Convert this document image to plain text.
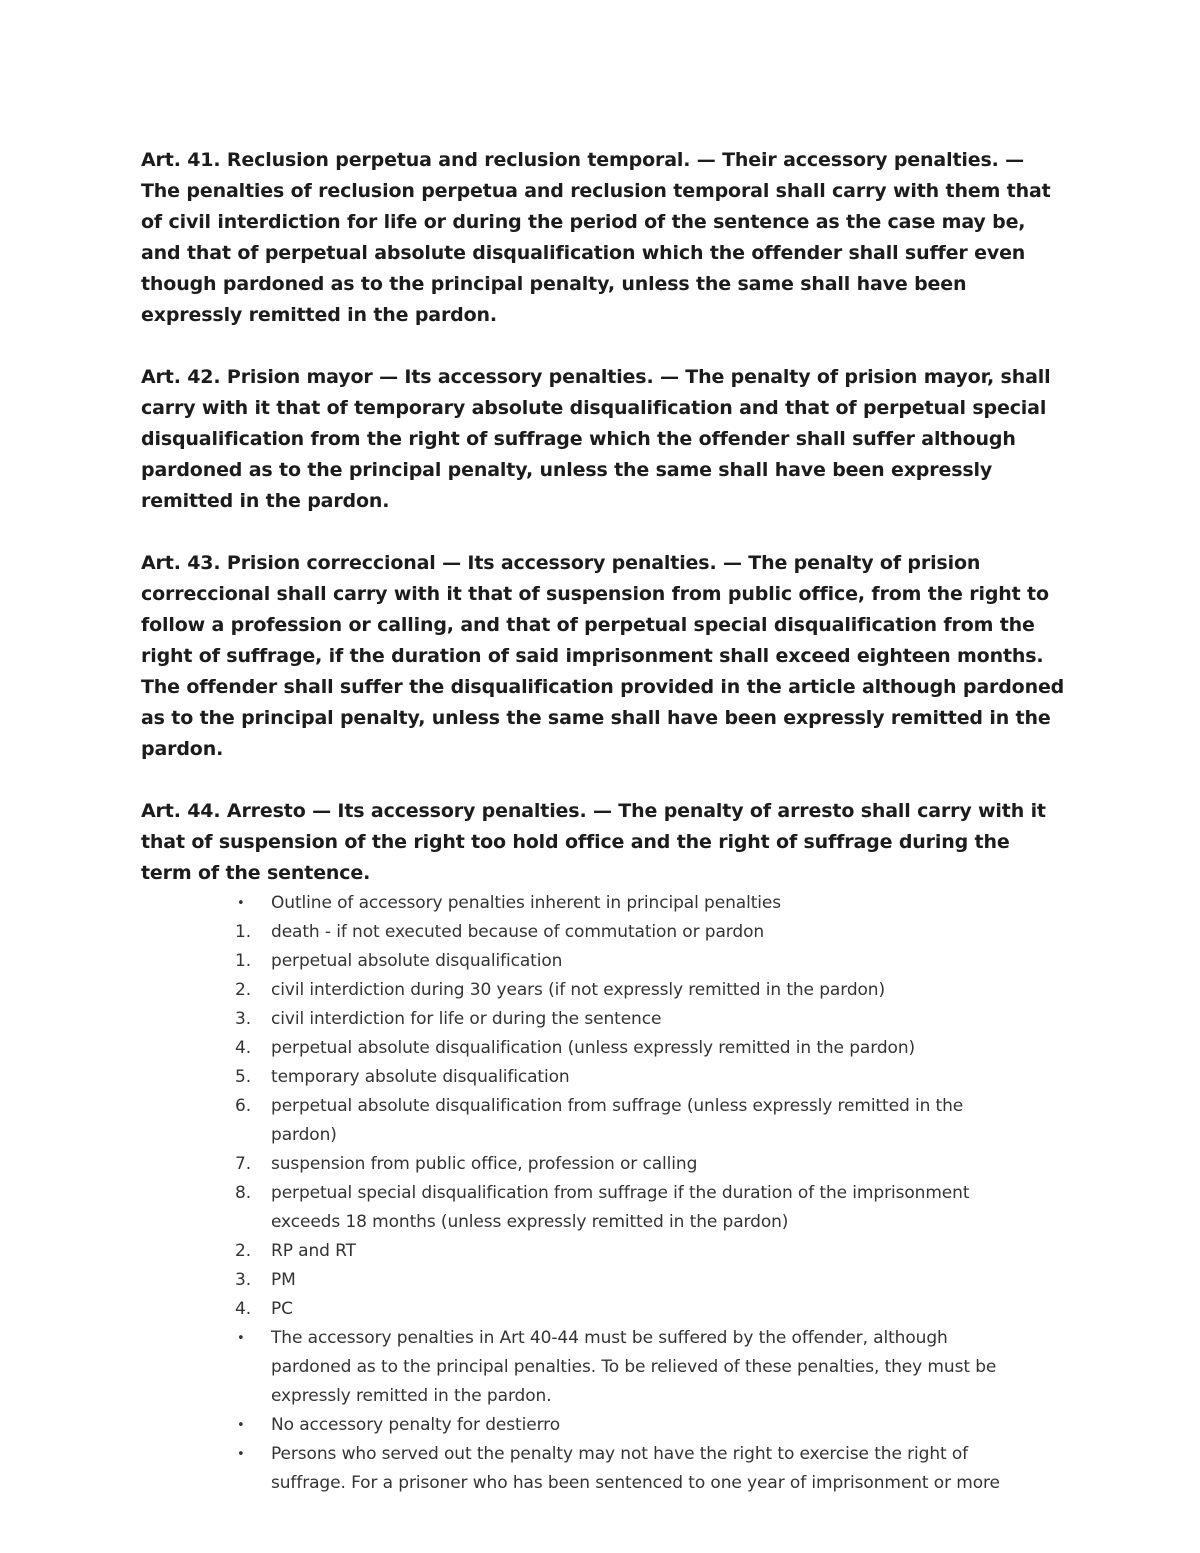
Art. 41. Reclusion perpetua and reclusion temporal. — Their accessory penalties. — The penalties of reclusion perpetua and reclusion temporal shall carry with them that of civil interdiction for life or during the period of the sentence as the case may be, and that of perpetual absolute disqualification which the offender shall suffer even though pardoned as to the principal penalty, unless the same shall have been expressly remitted in the pardon.

Art. 42. Prision mayor — Its accessory penalties. — The penalty of prision mayor, shall carry with it that of temporary absolute disqualification and that of perpetual special disqualification from the right of suffrage which the offender shall suffer although pardoned as to the principal penalty, unless the same shall have been expressly remitted in the pardon.

Art. 43. Prision correccional — Its accessory penalties. — The penalty of prision correccional shall carry with it that of suspension from public office, from the right to follow a profession or calling, and that of perpetual special disqualification from the right of suffrage, if the duration of said imprisonment shall exceed eighteen months. The offender shall suffer the disqualification provided in the article although pardoned as to the principal penalty, unless the same shall have been expressly remitted in the pardon.

Art. 44. Arresto — Its accessory penalties. — The penalty of arresto shall carry with it that of suspension of the right too hold office and the right of suffrage during the term of the sentence.

•	Outline of accessory penalties inherent in principal penalties
1.	death - if not executed because of commutation or pardon
1.	perpetual absolute disqualification
2.	civil interdiction during 30 years (if not expressly remitted in the pardon)
3.	civil interdiction for life or during the sentence
4.	perpetual absolute disqualification (unless expressly remitted in the pardon)
5.	temporary absolute disqualification
6.	perpetual absolute disqualification from suffrage (unless expressly remitted in the pardon)
7.	suspension from public office, profession or calling
8.	perpetual special disqualification from suffrage if the duration of the imprisonment exceeds 18 months (unless expressly remitted in the pardon)
2.	RP and RT
3.	PM
4.	PC
•	The accessory penalties in Art 40-44 must be suffered by the offender, although pardoned as to the principal penalties. To be relieved of these penalties, they must be expressly remitted in the pardon.
•	No accessory penalty for destierro
•	Persons who served out the penalty may not have the right to exercise the right of suffrage. For a prisoner who has been sentenced to one year of imprisonment or more
